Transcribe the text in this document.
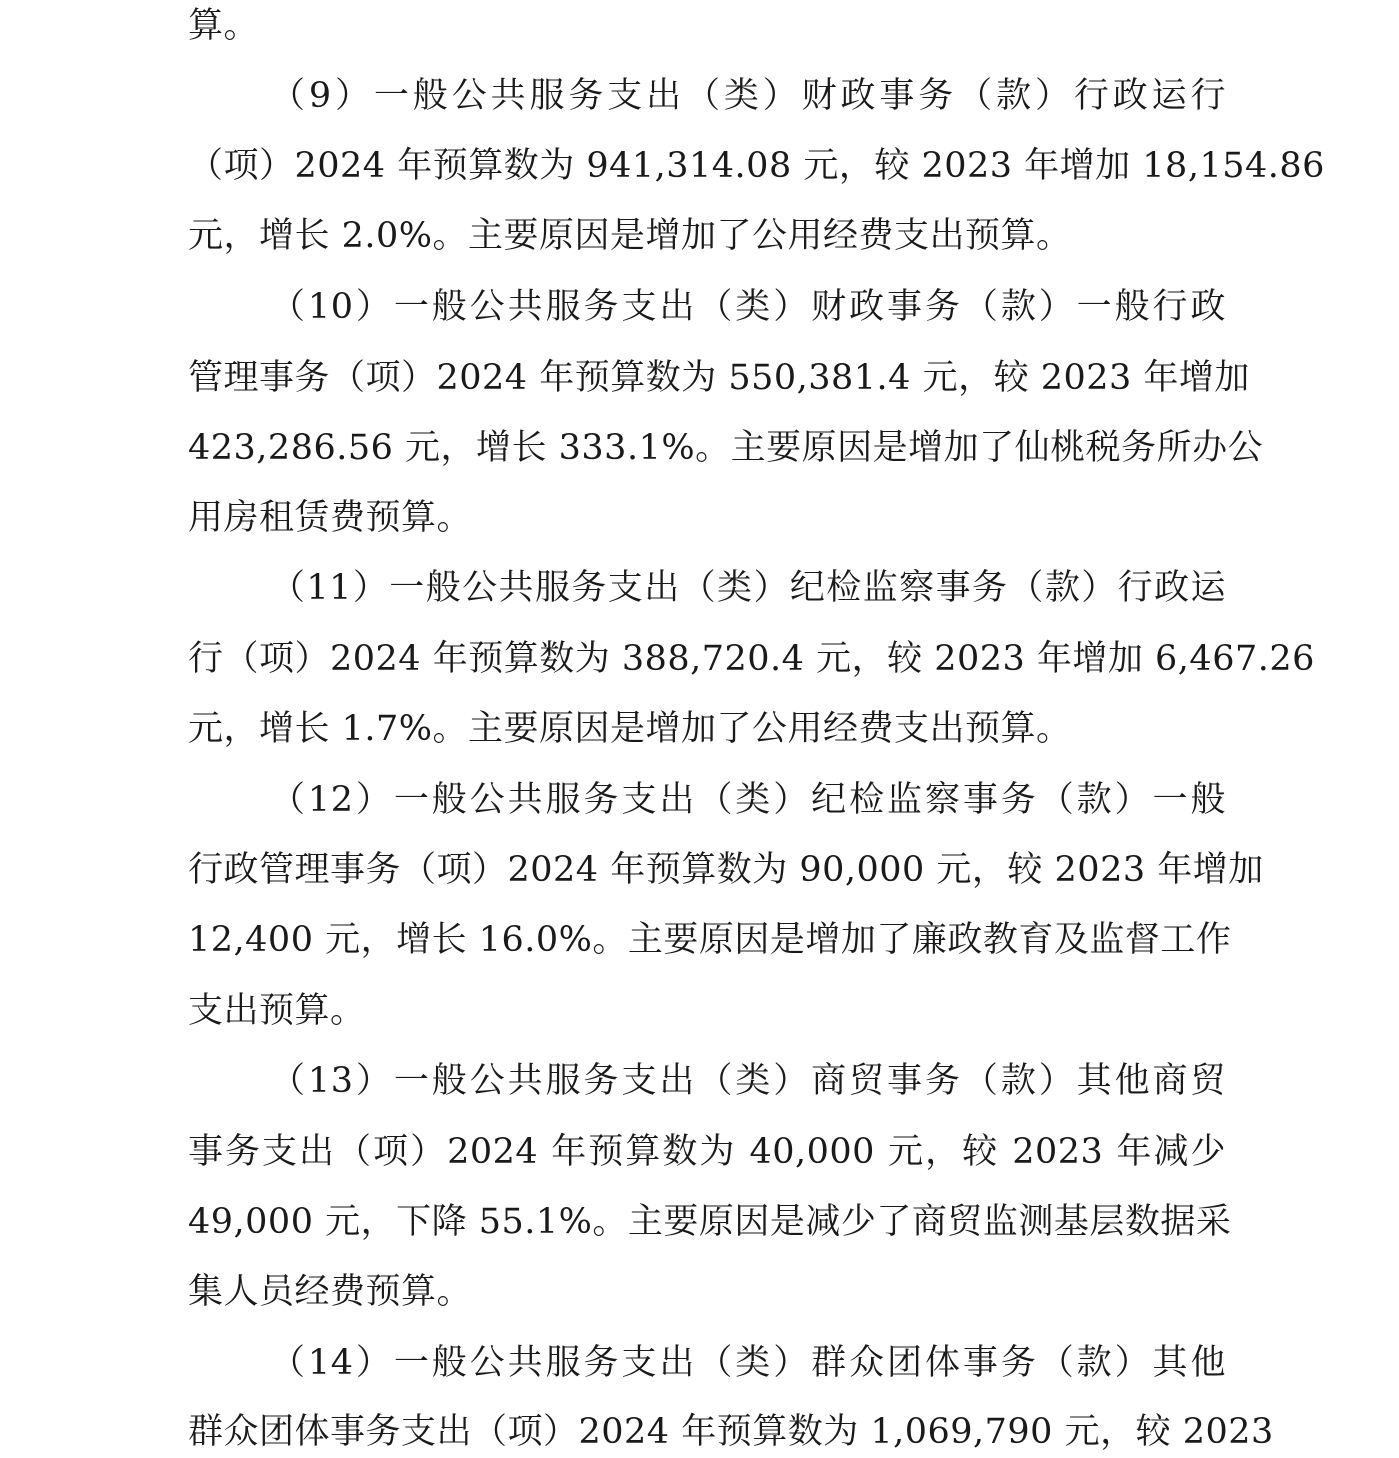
算。
（9）一般公共服务支出（类）财政事务（款）行政运行
（项）2024 年预算数为 941,314.08 元，较 2023 年增加 18,154.86
元，增长 2.0%。主要原因是增加了公用经费支出预算。
（10）一般公共服务支出（类）财政事务（款）一般行政
管理事务（项）2024 年预算数为 550,381.4 元，较 2023 年增加
423,286.56 元，增长 333.1%。主要原因是增加了仙桃税务所办公
用房租赁费预算。
（11）一般公共服务支出（类）纪检监察事务（款）行政运
行（项）2024 年预算数为 388,720.4 元，较 2023 年增加 6,467.26
元，增长 1.7%。主要原因是增加了公用经费支出预算。
（12）一般公共服务支出（类）纪检监察事务（款）一般
行政管理事务（项）2024 年预算数为 90,000 元，较 2023 年增加
12,400 元，增长 16.0%。主要原因是增加了廉政教育及监督工作
支出预算。
（13）一般公共服务支出（类）商贸事务（款）其他商贸
事务支出（项）2024 年预算数为 40,000 元，较 2023 年减少
49,000 元，下降 55.1%。主要原因是减少了商贸监测基层数据采
集人员经费预算。
（14）一般公共服务支出（类）群众团体事务（款）其他
群众团体事务支出（项）2024 年预算数为 1,069,790 元，较 2023
